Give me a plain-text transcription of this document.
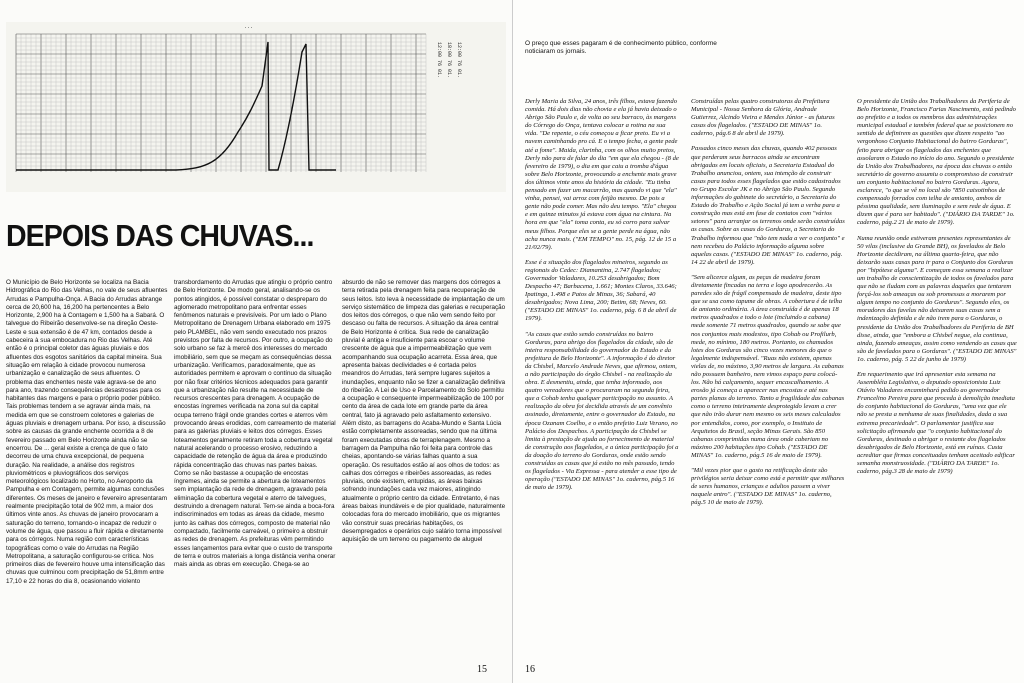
...
12:00 76 01. 18:00 76 01. 12:00 76 01.
DEPOIS DAS CHUVAS...

O Município de Belo Horizonte se localiza na Bacia Hidrográfica do Rio das Velhas, no vale de seus afluentes Arrudas e Pampulha-Onça. A Bacia do Arrudas abrange cerca de 20,600 ha, 16,200 ha pertencentes a Belo Horizonte, 2,900 ha à Contagem e 1,500 ha a Sabará. O talvegue do Ribeirão desenvolve-se na direção Oeste-Leste e sua extensão é de 47 km, contados desde a cabeceira à sua embocadura no Rio das Velhas. Até então é o principal coletor das águas pluviais e dos afluentes dos esgotos sanitários da capital mineira. Sua situação em relação à cidade provocou numerosa urbanização e canalização de seus afluentes. O problema das enchentes neste vale agrava-se de ano para ano, trazendo consequências desastrosas para os habitantes das margens e para o próprio poder público. Tais problemas tendem a se agravar ainda mais, na medida em que se constroem coletores e galerias de águas pluviais e drenagem urbana. Por isso, a discussão sobre as causas da grande enchente ocorrida a 8 de fevereiro passado em Belo Horizonte ainda não se encerrou. De ... geral existe a crença de que o fato decorreu de uma chuva excepcional, de pequena duração. Na realidade, a análise dos registros pluviométricos e pluviográficos dos serviços meteorológicos localizado no Horto, no Aeroporto da Pampulha e em Contagem, permite algumas conclusões diferentes. Os meses de janeiro e fevereiro apresentaram realmente precipitação total de 902 mm, a maior dos últimos vinte anos. As chuvas de janeiro provocaram a saturação do terreno, tornando-o incapaz de reduzir o volume de água, que passou a fluir rápida e diretamente para os córregos. Numa região com características topográficas como o vale do Arrudas na Região Metropolitana, a saturação configurou-se crítica. Nos primeiros dias de fevereiro houve uma intensificação das chuvas que culminou com precipitação de 51,8mm entre 17,10 e 22 horas do dia 8, ocasionando violento

transbordamento do Arrudas que atingiu o próprio centro de Belo Horizonte. De modo geral, analisando-se os pontos atingidos, é possível constatar o despreparo do aglomerado metropolitano para enfrentar esses fenômenos naturais e previsíveis. Por um lado o Plano Metropolitano de Drenagem Urbana elaborado em 1975 pelo PLAMBEL, não vem sendo executado nos prazos previstos por falta de recursos. Por outro, a ocupação do solo urbano se faz à mercê dos interesses do mercado imobiliário, sem que se meçam as consequências dessa urbanização. Verificamos, paradoxalmente, que as autoridades permitem e aprovam o contínuo da situação por não fixar critérios técnicos adequados para garantir que a urbanização não resulte na necessidade de recursos crescentes para drenagem. A ocupação de encostas íngremes verificada na zona sul da capital ocupa terreno frágil onde grandes cortes e aterros vêm provocando áreas erodidas, com carreamento de material para as galerias pluviais e leitos dos córregos. Esses loteamentos geralmente retiram toda a cobertura vegetal natural acelerando o processo erosivo, reduzindo a capacidade de retenção de água da área e produzindo rápida concentração das chuvas nas partes baixas. Como se não bastasse a ocupação de encostas íngremes, ainda se permite a abertura de loteamentos sem implantação da rede de drenagem, agravado pela eliminação da cobertura vegetal e aterro de talvegues, destruindo a drenagem natural. Tem-se ainda a boca-fora indiscriminados em todas as áreas da cidade, mesmo junto às calhas dos córregos, composto de material não compactado, facilmente carreável, o primeiro a obstruir as redes de drenagem. As prefeituras vêm permitindo esses lançamentos para evitar que o custo de transporte de terra e outros materiais a longa distância venha onerar mais ainda as obras em execução. Chega-se ao

absurdo de não se remover das margens dos córregos a terra retirada pela drenagem feita para recuperação de seus leitos. Isto leva à necessidade de implantação de um serviço sistemático de limpeza das galerias e recuperação dos leitos dos córregos, o que não vem sendo feito por descaso ou falta de recursos. A situação da área central de Belo Horizonte é crítica. Sua rede de canalização pluvial é antiga e insuficiente para escoar o volume crescente de água que a impermeabilização que vem acompanhando sua ocupação acarreta. Essa área, que apresenta baixas declividades e é cortada pelos meandros do Arrudas, terá sempre lugares sujeitos a inundações, enquanto não se fizer a canalização definitiva do ribeirão. A Lei de Uso e Parcelamento do Solo permitiu a ocupação e consequente impermeabilização de 100 por cento da área de cada lote em grande parte da área central, fato já agravado pelo asfaltamento extensivo. Além disto, as barragens do Acaba-Mundo e Santa Lúcia estão completamente assoreadas, sendo que na última foram executadas obras de terraplenagem. Mesmo a barragem da Pampulha não foi feita para controle das cheias, apontando-se várias falhas quanto a sua operação. Os resultados estão aí aos olhos de todos: as calhas dos córregos e ribeirões assoreadas, as redes pluviais, onde existem, entupidas, as áreas baixas sofrendo inundações cada vez maiores, atingindo atualmente o próprio centro da cidade. Entretanto, é nas áreas baixas inundáveis e de pior qualidade, naturalmente colocadas fora do mercado imobiliário, que os migrantes vão construir suas precárias habitações, os desempregados e operários cujo salário torna impossível aquisição de um terreno ou pagamento de aluguel

15

O preço que esses pagaram é de conhecimento público, conforme noticiaram os jornais.

Derly Maria da Silva, 24 anos, três filhos, estava fazendo comida. Há dois dias não chovia e ela já havia deixado o Abrigo São Paulo e, de volta ao seu barraco, às margens do Córrego do Onça, tentava colocar a rotina na sua vida. "De repente, o céu começou a ficar preto. Eu vi a nuvem caminhando pro cá. E o tempo fecha, a gente pede até a fome". Maida, clarinha, com os olhos muito pretos, Derly não para de falar do dia "em que ela chegou - (8 de fevereiro de 1979), o dia em que caiu a tromba d'água sobre Belo Horizonte, provocando a enchente mais grave dos últimos vinte anos da história da cidade. "Eu tinha pensado em fazer um macarrão, mas quando vi que "ela" vinha, pensei, vai arroz com feijão mesmo. De pois a gente não pode comer. Mas não deu tempo. "Ela" chegou e em quinze minutos já estava com água na cintura. Na hora em que "ela" toma conta, eu só corro para salvar meus filhos. Porque eles se a gente perde na água, não acha nunca mais. ("EM TEMPO" no. 15, pág. 12 de 15 a 21/02/79).

Esse é a situação dos flagelados mineiros, segundo as regionais do Cedec: Diamantina, 2.747 flagelados; Governador Valadares, 10.253 desabrigados; Bom Despacho 47; Barbacena, 1.661; Montes Claros, 33.646; Ipatinga, 1.498 e Patos de Minas, 36; Sabará, 40 desabrigados; Nova Lima, 200; Betim, 68; Neves, 60. ("ESTADO DE MINAS" 1o. caderno, pág. 6 8 de abril de 1979).

"As casas que estão sendo construídas no bairro Gorduras, para abrigo dos flagelados da cidade, são de inteira responsabilidade do governador do Estado e da prefeitura de Belo Horizonte". A informação é do diretor da Chisbel, Marcelo Andrade Neves, que afirmou, ontem, a não participação do órgão Chisbel - na realização da obra. E desmentiu, ainda, que tenha informado, aos quatro vereadores que o procuraram na segunda feira, que a Cohab tenha qualquer participação no assunto. A realização da obra foi decidida através de um convênio assinado, diretamente, entre o governador do Estado, na época Ozanam Coelho, e o então prefeito Luiz Verano, no Palácio dos Despachos. A participação da Chisbel se limita à prestação de ajuda ao fornecimento de material de construção aos flagelados, e a única participação foi a da doação do terreno do Gorduras, onde estão sendo construídas as casas que já estão no mês passado, tendo os flagelados - Via Expressa - para atender a esse tipo de operação ("ESTADO DE MINAS" 1o. caderno, pág.5 16 de maio de 1979).

Construídas pelas quatro construtoras da Prefeitura Municipal - Nossa Senhora da Glória, Andrade Gutierrez, Alcindo Vieira e Mendes Júnior - as futuras casas dos flagelados. ("ESTADO DE MINAS" 1o. caderno, pág.6 8 de abril de 1979).

Passados cinco meses das chuvas, quando 402 pessoas que perderam seus barracos ainda se encontram abrigadas em locais oficiais, a Secretaria Estadual do Trabalho anunciou, ontem, sua intenção de construir casas para todos esses flagelados que estão cadastrados no Grupo Escolar JK e no Abrigo São Paulo. Segundo informações do gabinete do secretário, a Secretaria do Estado do Trabalho e Ação Social já tem a verba para a construção mas está em fase de contatos com "vários setores" para arranjar os terrenos onde serão construídas as casas. Sobre as casas do Gorduras, a Secretaria do Trabalho informou que "não tem nada a ver o conjunto" e nem recebeu do Palácio informação alguma sobre aquelas casas. ("ESTADO DE MINAS" 1o. caderno, pág. 14 22 de abril de 1979).

"Sem alicerce algum, as peças de madeira foram diretamente fincadas na terra e logo apodrecerão. As paredes são de frágil compensado de madeira, deste tipo que se usa como tapume de obras. A cobertura é de telha de amianto ordinária. A área construída é de apenas 18 metros quadrados e todo o lote (incluindo a cabana) mede somente 71 metros quadrados, quando se sabe que nos conjuntos mais modestos, tipo Cohab ou Profilurb, mede, no mínimo, 180 metros. Portanto, os chamados lotes dos Gorduras são cinco vezes menores do que o legalmente indispensável. "Ruas não existem, apenas vielas de, no máximo, 3,90 metros de largura. As cabanas não possuem banheiro, nem vimos espaço para colocá-los. Não há calçamento, sequer encascalhamento. A erosão já começa a aparecer nas encostas e até nas partes planas do terreno. Tanto a fragilidade das cabanas como o terreno inteiramente desprotegido levam a crer que não irão durar nem mesmo os seis meses calculados por entendidos, como, por exemplo, o Instituto de Arquitetos do Brasil, seção Minas Gerais. São 850 cabanas comprimidas numa área onde caberiam no máximo 200 habitações tipo Cohab. ("ESTADO DE MINAS" 1o. caderno, pág.5 16 de maio de 1979).

"Mil vezes pior que o gasto na retificação deste são privilégios seria deixar como está e permitir que milhares de seres humanos, crianças e adultos passem a viver naquele antro". ("ESTADO DE MINAS" 1o. caderno, pág.5 10 de maio de 1979).

O presidente da União dos Trabalhadores da Periferia de Belo Horizonte, Francisco Farias Nascimento, está pedindo ao prefeito e a todos os membros das administrações municipal estadual e também federal que se posicionem no sentido de definirem as questões que dizem respeito "ao vergonhoso Conjunto Habitacional do bairro Gorduras", feito para abrigar os flagelados das enchentes que assolaram o Estado no início do ano. Segundo o presidente da União dos Trabalhadores, na época das chuvas o então secretário de governo assumiu o compromisso de construir um conjunto habitacional no bairro Gorduras. Agora, esclarece, "o que se vê no local são "850 caixotinhos de compensado forrados com telha de amianto, ambos de péssima qualidade, sem iluminação e sem rede de água. E dizem que é para ser habitado". ("DIÁRIO DA TARDE" 1o. caderno, pág.2 21 de maio de 1979).

Numa reunião onde estiveram presentes representantes de 50 vilas (inclusive da Grande BH), os favelados de Belo Horizonte decidiram, na última quarta-feira, que não deixarão suas casas para ir para o Conjunto dos Gorduras por "hipótese alguma". E começam essa semana a realizar um trabalho de conscientização de todos os favelados para que não se iludam com as palavras daqueles que tentarem forçá-los sob ameaças ou sob promessas a morarem por algum tempo no conjunto do Gorduras". Segundo eles, os moradores das favelas não deixarem suas casas sem a indenização definida e de não irem para o Gorduras, o presidente da União dos Trabalhadores da Periferia de BH disse, ainda, que "embora a Chisbel negue, ela continua, ainda, fazendo ameaças, assim como vendendo as casas que são de favelados para o Gorduras". ("ESTADO DE MINAS" 1o. caderno, pág. 5 22 de junho de 1979)

Em requerimento que irá apresentar esta semana na Assembléia Legislativa, o deputado oposicionista Luiz Otávio Valadares encaminhará pedido ao governador Francelino Pereira para que proceda à demolição imediata do conjunto habitacional do Gorduras, "uma vez que ele não se presta a nenhuma de suas finalidades, dada a sua extrema precariedade". O parlamentar justifica sua solicitação afirmando que "o conjunto habitacional do Gorduras, destinado a abrigar o restante dos flagelados desabrigados de Belo Horizonte, está em ruínas. Custa acreditar que firmas conceituadas tenham aceitado edificar semanha monstruosidade. ("DIÁRIO DA TARDE" 1o. caderno, pág.3 28 de maio de 1979)

16
